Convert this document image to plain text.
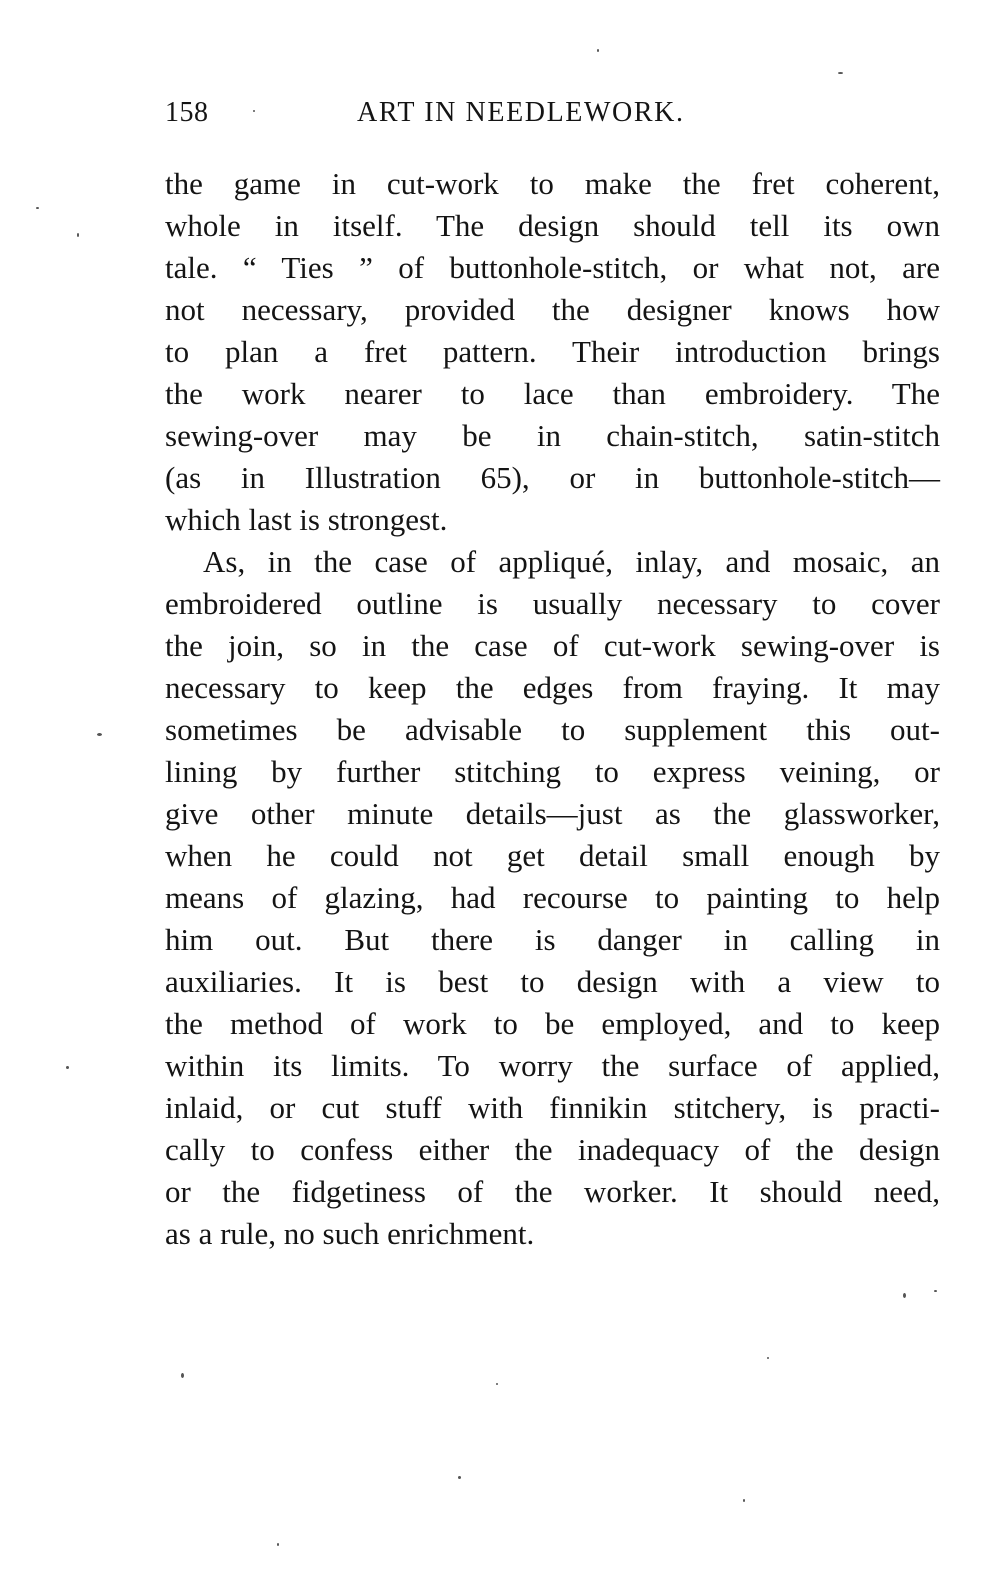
158	ART IN NEEDLEWORK.
the game in cut-work to make the fret coherent,
whole in itself. The design should tell its own
tale. “ Ties ” of buttonhole-stitch, or what not, are
not necessary, provided the designer knows how
to plan a fret pattern. Their introduction brings
the work nearer to lace than embroidery. The
sewing-over may be in chain-stitch, satin-stitch
(as in Illustration 65), or in buttonhole-stitch—
which last is strongest.
As, in the case of appliqué, inlay, and mosaic, an
embroidered outline is usually necessary to cover
the join, so in the case of cut-work sewing-over is
necessary to keep the edges from fraying. It may
sometimes be advisable to supplement this out-
lining by further stitching to express veining, or
give other minute details—just as the glassworker,
when he could not get detail small enough by
means of glazing, had recourse to painting to help
him out. But there is danger in calling in
auxiliaries. It is best to design with a view to
the method of work to be employed, and to keep
within its limits. To worry the surface of applied,
inlaid, or cut stuff with finnikin stitchery, is practi-
cally to confess either the inadequacy of the design
or the fidgetiness of the worker. It should need,
as a rule, no such enrichment.
